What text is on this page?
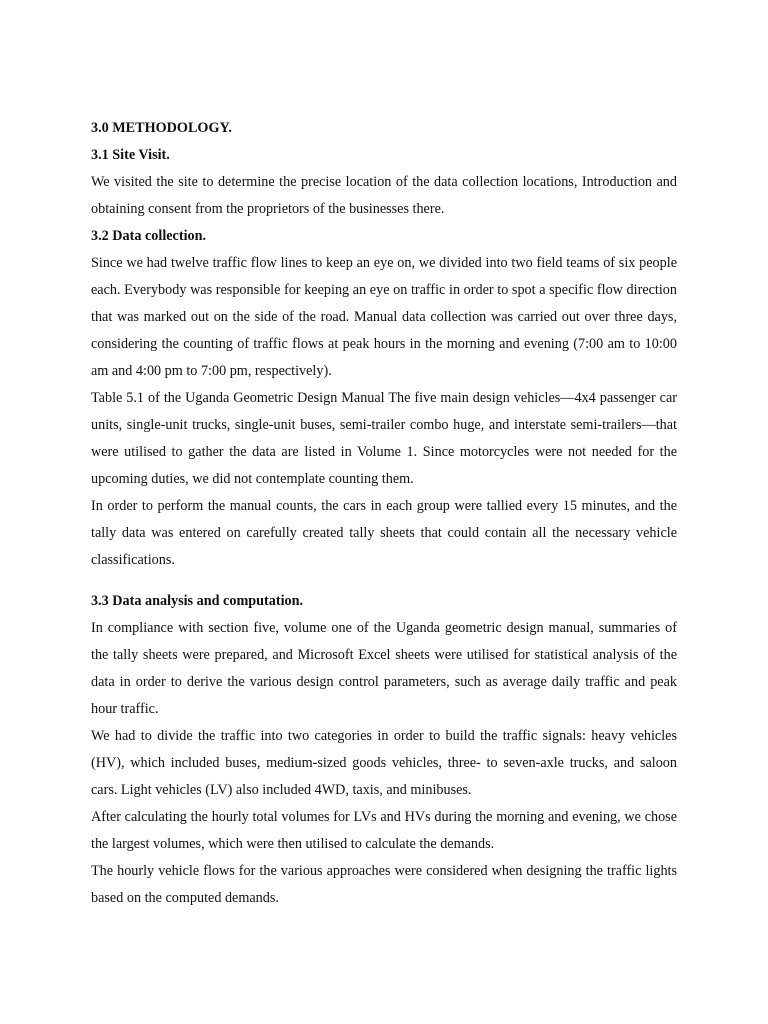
3.0 METHODOLOGY.

3.1 Site Visit.

We visited the site to determine the precise location of the data collection locations, Introduction and obtaining consent from the proprietors of the businesses there.

3.2 Data collection.

Since we had twelve traffic flow lines to keep an eye on, we divided into two field teams of six people each. Everybody was responsible for keeping an eye on traffic in order to spot a specific flow direction that was marked out on the side of the road. Manual data collection was carried out over three days, considering the counting of traffic flows at peak hours in the morning and evening (7:00 am to 10:00 am and 4:00 pm to 7:00 pm, respectively).

Table 5.1 of the Uganda Geometric Design Manual The five main design vehicles—4x4 passenger car units, single-unit trucks, single-unit buses, semi-trailer combo huge, and interstate semi-trailers—that were utilised to gather the data are listed in Volume 1. Since motorcycles were not needed for the upcoming duties, we did not contemplate counting them.

In order to perform the manual counts, the cars in each group were tallied every 15 minutes, and the tally data was entered on carefully created tally sheets that could contain all the necessary vehicle classifications.

3.3 Data analysis and computation.

In compliance with section five, volume one of the Uganda geometric design manual, summaries of the tally sheets were prepared, and Microsoft Excel sheets were utilised for statistical analysis of the data in order to derive the various design control parameters, such as average daily traffic and peak hour traffic.

We had to divide the traffic into two categories in order to build the traffic signals: heavy vehicles (HV), which included buses, medium-sized goods vehicles, three- to seven-axle trucks, and saloon cars. Light vehicles (LV) also included 4WD, taxis, and minibuses.

After calculating the hourly total volumes for LVs and HVs during the morning and evening, we chose the largest volumes, which were then utilised to calculate the demands.

The hourly vehicle flows for the various approaches were considered when designing the traffic lights based on the computed demands.
